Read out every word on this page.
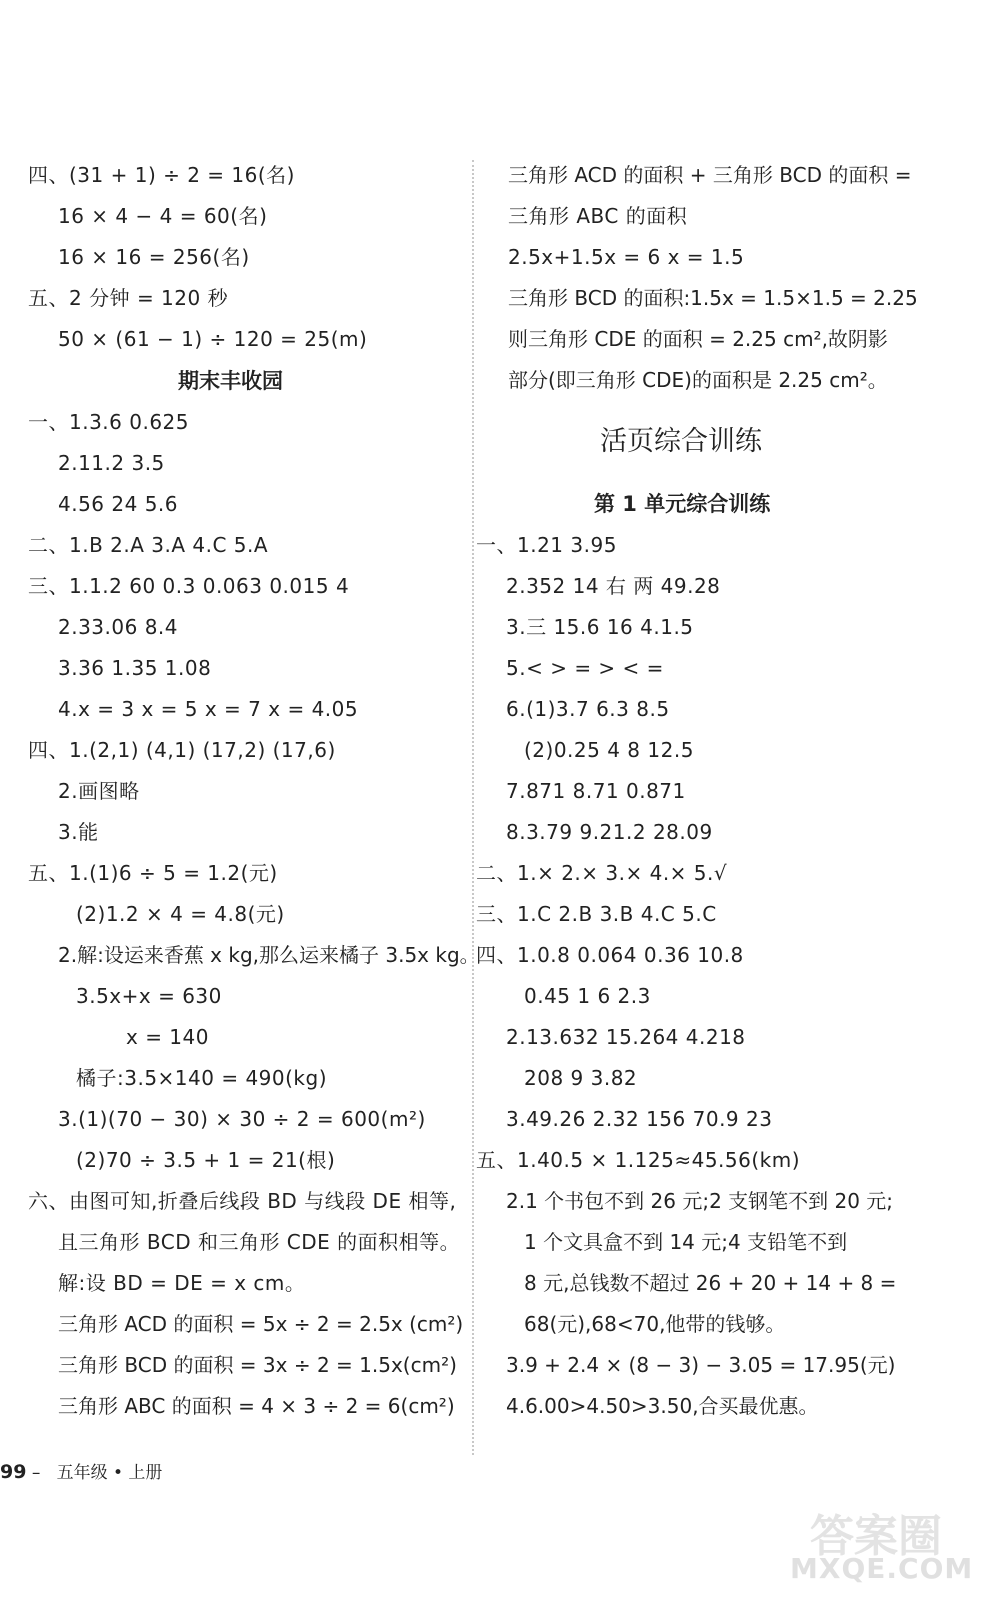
四、(31 + 1) ÷ 2 = 16(名)
16 × 4 − 4 = 60(名)
16 × 16 = 256(名)
五、2 分钟 = 120 秒
50 × (61 − 1) ÷ 120 = 25(m)
期末丰收园
一、1.3.6 0.625
2.11.2 3.5
4.56 24 5.6
二、1.B 2.A 3.A 4.C 5.A
三、1.1.2 60 0.3 0.063 0.015 4
2.33.06 8.4
3.36 1.35 1.08
4.x = 3 x = 5 x = 7 x = 4.05
四、1.(2,1) (4,1) (17,2) (17,6)
2.画图略
3.能
五、1.(1)6 ÷ 5 = 1.2(元)
(2)1.2 × 4 = 4.8(元)
2.解:设运来香蕉 x kg,那么运来橘子 3.5x kg。
3.5x+x = 630
x = 140
橘子:3.5×140 = 490(kg)
3.(1)(70 − 30) × 30 ÷ 2 = 600(m²)
(2)70 ÷ 3.5 + 1 = 21(根)
六、由图可知,折叠后线段 BD 与线段 DE 相等,
且三角形 BCD 和三角形 CDE 的面积相等。
解:设 BD = DE = x cm。
三角形 ACD 的面积 = 5x ÷ 2 = 2.5x (cm²)
三角形 BCD 的面积 = 3x ÷ 2 = 1.5x(cm²)
三角形 ABC 的面积 = 4 × 3 ÷ 2 = 6(cm²)
三角形 ACD 的面积 + 三角形 BCD 的面积 =
三角形 ABC 的面积
2.5x+1.5x = 6 x = 1.5
三角形 BCD 的面积:1.5x = 1.5×1.5 = 2.25
则三角形 CDE 的面积 = 2.25 cm²,故阴影
部分(即三角形 CDE)的面积是 2.25 cm²。
活页综合训练
第 1 单元综合训练
一、1.21 3.95
2.352 14 右 两 49.28
3.三 15.6 16 4.1.5
5.< > = > < =
6.(1)3.7 6.3 8.5
(2)0.25 4 8 12.5
7.871 8.71 0.871
8.3.79 9.21.2 28.09
二、1.× 2.× 3.× 4.× 5.√
三、1.C 2.B 3.B 4.C 5.C
四、1.0.8 0.064 0.36 10.8
0.45 1 6 2.3
2.13.632 15.264 4.218
208 9 3.82
3.49.26 2.32 156 70.9 23
五、1.40.5 × 1.125≈45.56(km)
2.1 个书包不到 26 元;2 支钢笔不到 20 元;
1 个文具盒不到 14 元;4 支铅笔不到
8 元,总钱数不超过 26 + 20 + 14 + 8 =
68(元),68<70,他带的钱够。
3.9 + 2.4 × (8 − 3) − 3.05 = 17.95(元)
4.6.00>4.50>3.50,合买最优惠。
99 – 五年级 • 上册
答案圈
MXQE.COM
